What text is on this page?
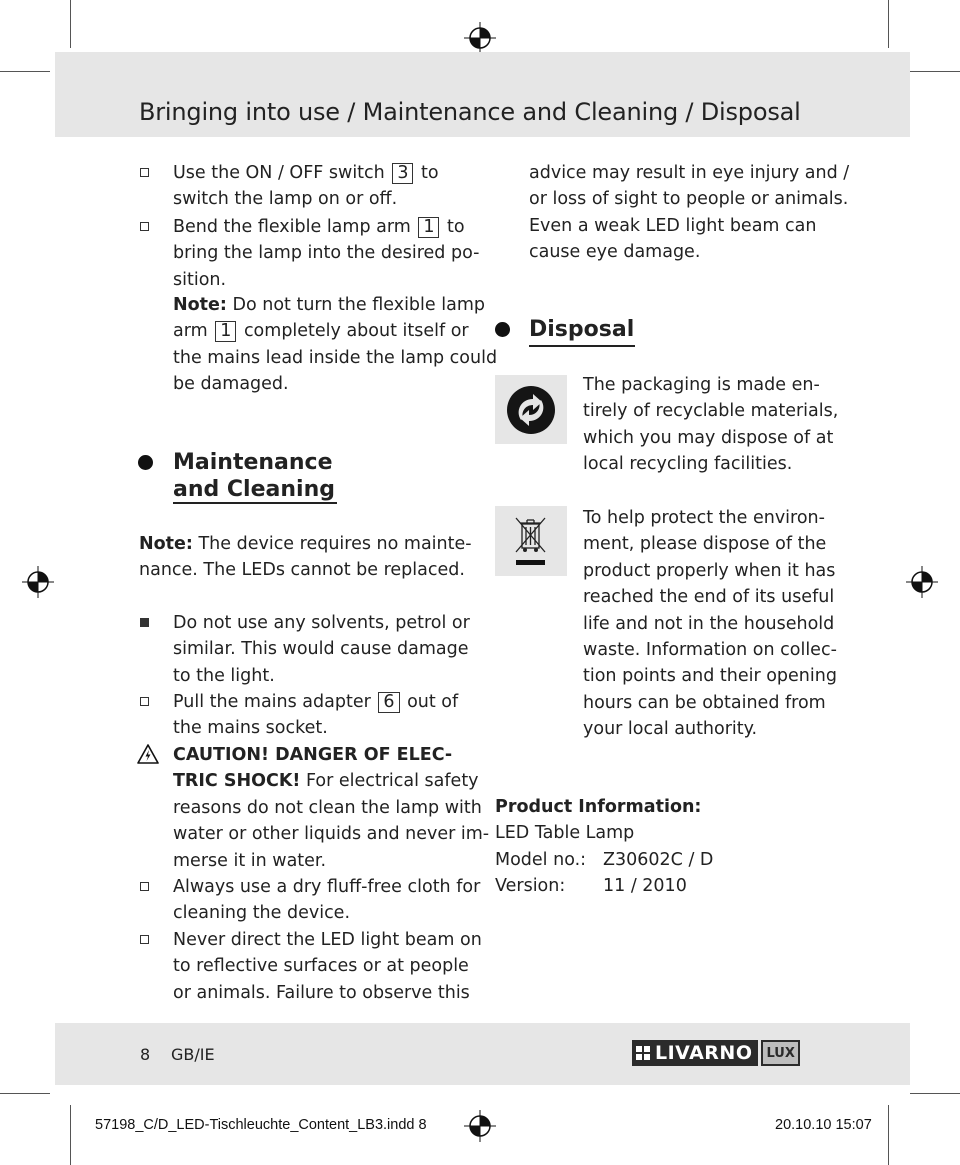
Bringing into use / Maintenance and Cleaning / Disposal

Use the ON / OFF switch 3 to

switch the lamp on or off.

Bend the flexible lamp arm 1 to

bring the lamp into the desired po-

sition.

Note: Do not turn the flexible lamp

arm 1 completely about itself or

the mains lead inside the lamp could

be damaged.

Maintenance

and Cleaning

Note: The device requires no mainte-

nance. The LEDs cannot be replaced.

Do not use any solvents, petrol or

similar. This would cause damage

to the light.

Pull the mains adapter 6 out of

the mains socket.

CAUTION! DANGER OF ELEC-

TRIC SHOCK! For electrical safety

reasons do not clean the lamp with

water or other liquids and never im-

merse it in water.

Always use a dry fluff-free cloth for

cleaning the device.

Never direct the LED light beam on

to reflective surfaces or at people

or animals. Failure to observe this

advice may result in eye injury and /

or loss of sight to people or animals.

Even a weak LED light beam can

cause eye damage.

Disposal

The packaging is made en-

tirely of recyclable materials,

which you may dispose of at

local recycling facilities.

To help protect the environ-

ment, please dispose of the

product properly when it has

reached the end of its useful

life and not in the household

waste. Information on collec-

tion points and their opening

hours can be obtained from

your local authority.

Product Information:

LED Table Lamp

Model no.: Z30602C / D

Version: 11 / 2010

8 GB/IE	LIVARNO	LUX
57198_C/D_LED-Tischleuchte_Content_LB3.indd 8	20.10.10 15:07
